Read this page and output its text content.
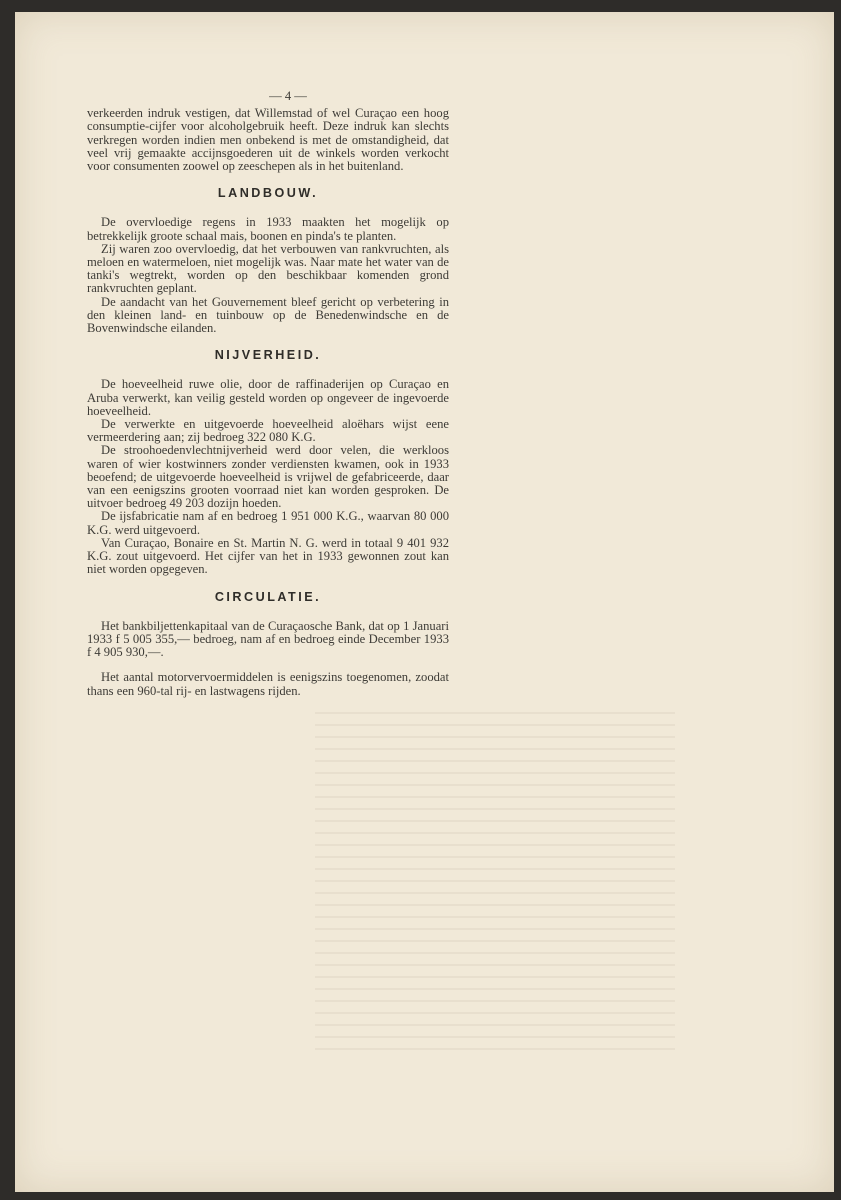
— 4 —

verkeerden indruk vestigen, dat Willemstad of wel Curaçao een hoog consumptie-cijfer voor alcoholgebruik heeft. Deze indruk kan slechts verkregen worden indien men onbekend is met de omstandigheid, dat veel vrij gemaakte accijnsgoederen uit de winkels worden verkocht voor consumenten zoowel op zeeschepen als in het buitenland.

LANDBOUW.

De overvloedige regens in 1933 maakten het mogelijk op betrekkelijk groote schaal mais, boonen en pinda's te planten.

Zij waren zoo overvloedig, dat het verbouwen van rankvruchten, als meloen en watermeloen, niet mogelijk was. Naar mate het water van de tanki's wegtrekt, worden op den beschikbaar komenden grond rankvruchten geplant.

De aandacht van het Gouvernement bleef gericht op verbetering in den kleinen land- en tuinbouw op de Benedenwindsche en de Bovenwindsche eilanden.

NIJVERHEID.

De hoeveelheid ruwe olie, door de raffinaderijen op Curaçao en Aruba verwerkt, kan veilig gesteld worden op ongeveer de ingevoerde hoeveelheid.

De verwerkte en uitgevoerde hoeveelheid aloëhars wijst eene vermeerdering aan; zij bedroeg 322 080 K.G.

De stroohoedenvlechtnijverheid werd door velen, die werkloos waren of wier kostwinners zonder verdiensten kwamen, ook in 1933 beoefend; de uitgevoerde hoeveelheid is vrijwel de gefabriceerde, daar van een eenigszins grooten voorraad niet kan worden gesproken. De uitvoer bedroeg 49 203 dozijn hoeden.

De ijsfabricatie nam af en bedroeg 1 951 000 K.G., waarvan 80 000 K.G. werd uitgevoerd.

Van Curaçao, Bonaire en St. Martin N. G. werd in totaal 9 401 932 K.G. zout uitgevoerd. Het cijfer van het in 1933 gewonnen zout kan niet worden opgegeven.

CIRCULATIE.

Het bankbiljettenkapitaal van de Curaçaosche Bank, dat op 1 Januari 1933 f 5 005 355,— bedroeg, nam af en bedroeg einde December 1933 f 4 905 930,—.

Het aantal motorvervoermiddelen is eenigszins toegenomen, zoodat thans een 960-tal rij- en lastwagens rijden.
